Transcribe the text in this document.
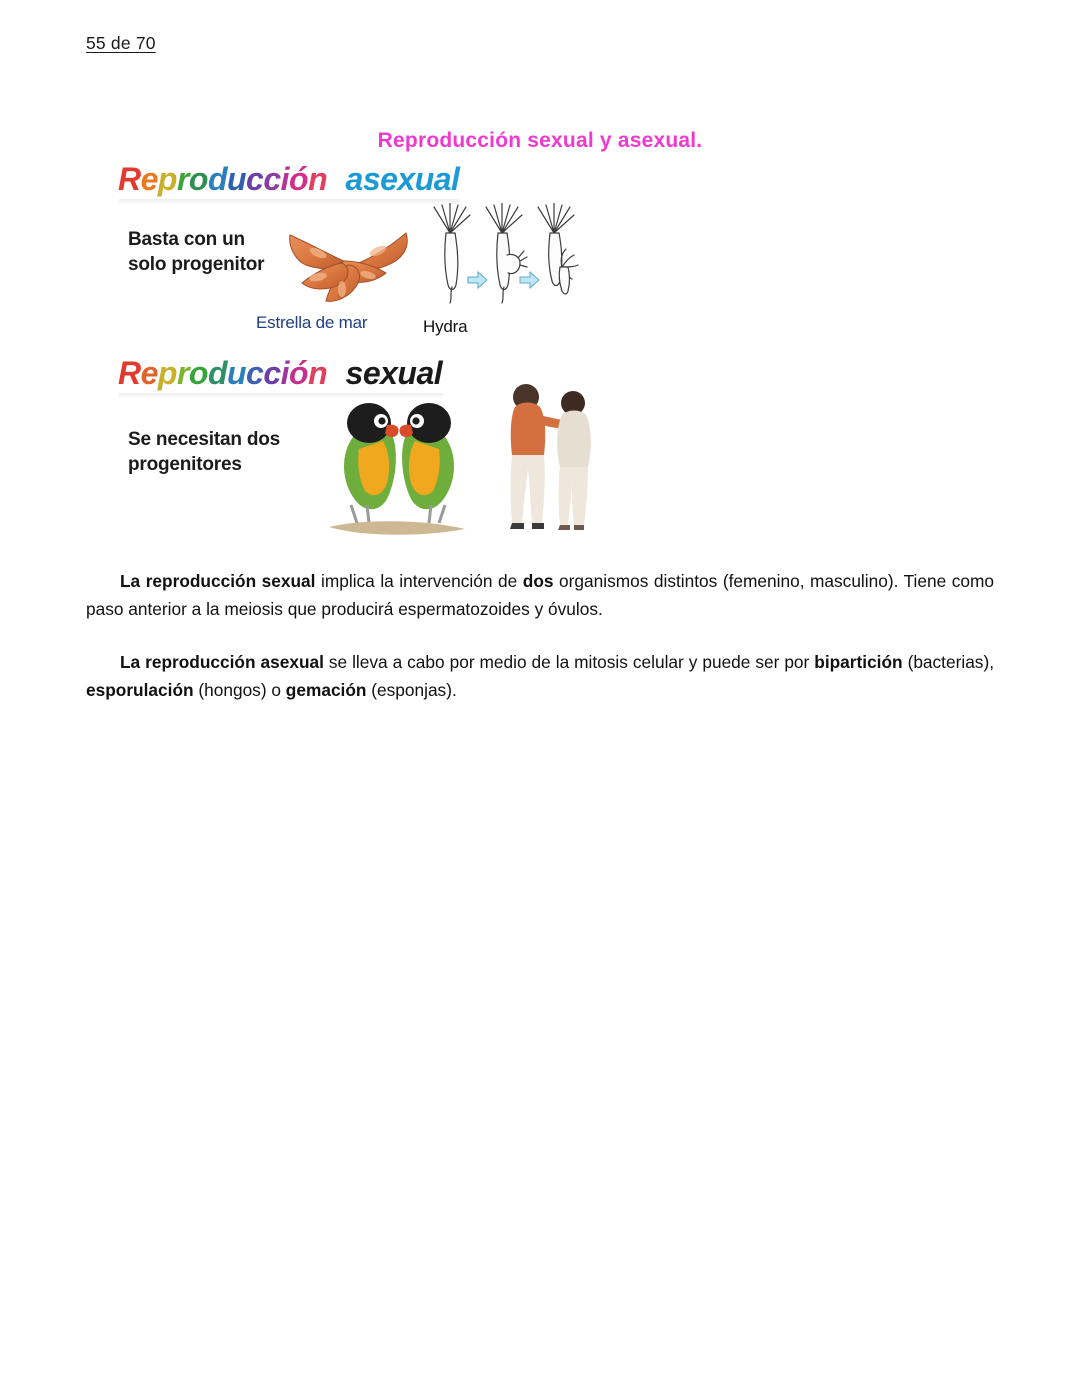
55 de 70
Reproducción sexual y asexual.
Reproducción asexual
Basta con un solo progenitor
Estrella de mar	Hydra
Reproducción sexual
Se necesitan dos progenitores

La reproducción sexual implica la intervención de dos organismos distintos (femenino, masculino). Tiene como paso anterior a la meiosis que producirá espermatozoides y óvulos.

La reproducción asexual se lleva a cabo por medio de la mitosis celular y puede ser por bipartición (bacterias), esporulación (hongos) o gemación (esponjas).
